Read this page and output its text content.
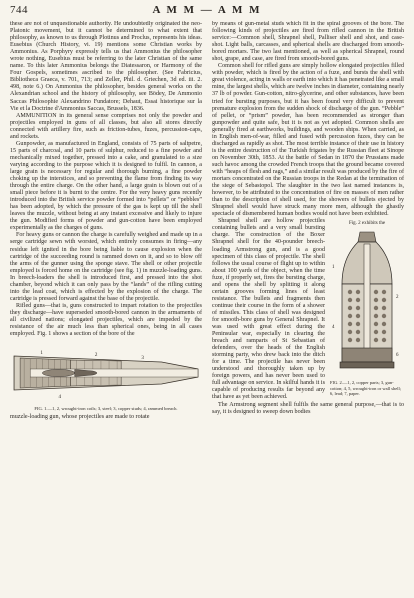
744	A M M — A M M

these are not of unquestionable authority. He undoubtedly originated the neo-Platonic movement, but it cannot be determined to what extent that philosophy, as known to us through Plotinus and Proclus, represents his ideas. Eusebius (Church History, vi. 19) mentions some Christian works by Ammonius. As Porphyry expressly tells us that Ammonius the philosopher wrote nothing, Eusebius must be referring to the later Christian of the same name. To this later Ammonius belongs the Diatessaron, or Harmony of the Four Gospels, sometimes ascribed to the philosopher. (See Fabricius, Bibliotheca Graeca, v. 701, 713; and Zeller, Phil. d. Griechen, 3d ed. iii. 2. 498, note 6.) On Ammonius the philosopher, besides general works on the Alexandrian school and the history of philosophy, see Bödey, De Ammonio Saccas Philosophie Alexandrino Fundatore; Dehaut, Essai historique sur la Vie et la Doctrine d'Ammonius Saccas, Brussels, 1836.

AMMUNITION in its general sense comprises not only the powder and projectiles employed in guns of all classes, but also all stores directly connected with artillery fire, such as friction-tubes, fuzes, percussion-caps, and rockets.

Gunpowder, as manufactured in England, consists of 75 parts of saltpetre, 15 parts of charcoal, and 10 parts of sulphur, reduced to a fine powder and mechanically mixed together, pressed into a cake, and granulated to a size varying according to the purpose which it is designed to fulfil. In cannon, a large grain is necessary for regular and thorough burning, a fine powder choking up the interstices, and so preventing the flame from finding its way through the entire charge. On the other hand, a large grain is blown out of a small piece before it is burnt to the centre. For the very heavy guns recently introduced into the British service powder formed into “pellets” or “pebbles” has been adopted, by which the pressure of the gas is kept up till the shell leaves the muzzle, without being at any instant excessive and likely to injure the gun. Modified forms of powder and gun-cotton have been employed experimentally as the charges of guns.

For heavy guns or cannon the charge is carefully weighed and made up in a serge cartridge sewn with worsted, which entirely consumes in firing—any residue left ignited in the bore being liable to cause explosion when the cartridge of the succeeding round is rammed down on it, and so to blow off the arms of the gunner using the sponge stave. The shell or other projectile employed is forced home on the cartridge (see fig. 1) in muzzle-loading guns. In breech-loaders the shell is introduced first, and pressed into the shot chamber, beyond which it can only pass by the “lands” of the rifling cutting into the lead coat, which is effected by the explosion of the charge. The cartridge is pressed forward against the base of the projectile.

Rifled guns—that is, guns constructed to impart rotation to the projectiles they discharge—have superseded smooth-bored cannon in the armaments of all civilized nations; elongated projectiles, which are impeded by the resistance of the air much less than spherical ones, being in all cases employed. Fig. 1 shows a section of the bore of the

1	2
3
4
FIG. 1.—1, 2, wrought-iron coils; 3, steel; 3, copper studs; 4, rammed breach.

muzzle-loading gun, whose projectiles are made to rotate

by means of gun-metal studs which fit in the spiral grooves of the bore. The following kinds of projectiles are fired from rifled cannon in the British service:—Common shell, Shrapnel shell, Palliser shell and shot, and case-shot. Light balls, carcasses, and spherical shells are discharged from smooth-bored mortars. The two last mentioned, as well as spherical Shrapnel, round shot, grape, and case, are fired from smooth-bored guns.

Common shell for rifled guns are simply hollow elongated projectiles filled with powder, which is fired by the action of a fuze, and bursts the shell with great violence, acting in walls or earth into which it has penetrated like a small mine, the largest shells, which are twelve inches in diameter, containing nearly 37 lb of powder. Gun-cotton, nitro-glycerine, and other substances, have been tried for bursting purposes, but it has been found very difficult to prevent premature explosion from the sudden shock of discharge of the gun. “Pebble” of pellet, or “prism” powder, has been recommended as stronger than gunpowder and quite safe, but it is not as yet adopted. Common shells are generally fired at earthworks, buildings, and wooden ships. When carried, as in English men-of-war, filled and fused with percussion fuzes, they can be discharged as rapidly as shot. The most terrible instance of their use in history is the entire destruction of the Turkish frigates by the Russian fleet at Sinope on November 30th, 1853. At the battle of Sedan in 1870 the Prussians made such havoc among the crowded French troops that the ground became covered with “heaps of flesh and rags,” and a similar result was produced by the fire of mortars concentrated on the Russian troops in the Redan at the termination of the siege of Sebastopol. The slaughter in the two last named instances is, however, to be attributed to the concentration of fire on masses of men rather than to the description of shell used, for the showers of bullets ejected by Shrapnel shell would have struck many more men, although the ghastly spectacle of dismembered human bodies would not have been exhibited.

Fig. 2 exhibits the
1
2
4
6
FIG. 2.—1, 2, copper parts; 3, gun-cotton; 4, 5, wrought-iron or wall shell; 6, lead; 7, paper.

Shrapnel shell are hollow projectiles containing bullets and a very small bursting charge. The construction of the Boxer Shrapnel shell for the 40-pounder breech-loading Armstrong gun, and is a good specimen of this class of projectile. The shell follows the usual course of flight up to within about 100 yards of the object, when the time fuze, if properly set, fires the bursting charge, and opens the shell by splitting it along certain grooves forming lines of least resistance. The bullets and fragments then continue their course in the form of a shower of missiles. This class of shell was designed for smooth-bore guns by General Shrapnel. It was used with great effect during the Peninsular war, especially in clearing the breach and ramparts of St Sebastian of defenders, over the heads of the English storming party, who drew back into the ditch for a time. The projectile has never been understood and thoroughly taken up by foreign powers, and has never been used to full advantage on service. In skilful hands it is capable of producing results far beyond any that have as yet been achieved.

The Armstrong segment shell fulfils the same general purpose,—that is to say, it is designed to sweep down bodies
